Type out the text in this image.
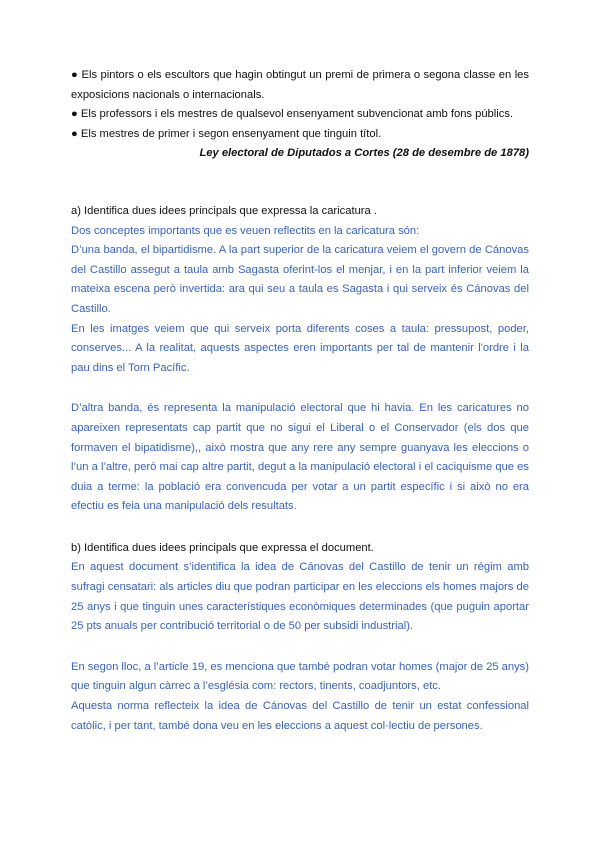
● Els pintors o els escultors que hagin obtingut un premi de primera o segona classe en les
exposicions nacionals o internacionals.
● Els professors i els mestres de qualsevol ensenyament subvencionat amb fons públics.
● Els mestres de primer i segon ensenyament que tinguin títol.
Ley electoral de Diputados a Cortes (28 de desembre de 1878)
a) Identifica dues idees principals que expressa la caricatura .
Dos conceptes importants que es veuen reflectits en la caricatura són:
D’una banda, el bipartidisme. A la part superior de la caricatura veiem el govern de Cánovas
del Castillo assegut a taula amb Sagasta oferint-los el menjar, i en la part inferior veiem la
mateixa escena però invertida: ara qui seu a taula es Sagasta i qui serveix és Cánovas del
Castillo.
En les imatges veiem que qui serveix porta diferents coses a taula: pressupost, poder,
conserves... A la realitat, aquests aspectes eren importants per tal de mantenir l'ordre i la
pau dins el Torn Pacífic.
D’altra banda, és representa la manipulació electoral que hi havia. En les caricatures no
apareixen representats cap partit que no sigui el Liberal o el Conservador (els dos que
formaven el bipatidisme),, això mostra que any rere any sempre guanyava les eleccions o
l’un a l’altre, però mai cap altre partit, degut a la manipulació electoral i el caciquisme que es
duia a terme: la població era convencuda per votar a un partit específic i si això no era
efectiu es feia una manipulació dels resultats.
b) Identifica dues idees principals que expressa el document.
En aquest document s’identifica la idea de Cánovas del Castillo de tenir un régim amb
sufragi censatari: als articles diu que podran participar en les eleccions els homes majors de
25 anys i que tinguin unes característiques econòmiques determinades (que puguin aportar
25 pts anuals per contribució territorial o de 50 per subsidi industrial).
En segon lloc, a l’article 19, es menciona que també podran votar homes (major de 25 anys)
que tinguin algun càrrec a l’església com: rectors, tinents, coadjuntors, etc.
Aquesta norma reflecteix la idea de Cánovas del Castillo de tenir un estat confessional
catòlic, i per tant, també dona veu en les eleccions a aquest col·lectiu de persones.
